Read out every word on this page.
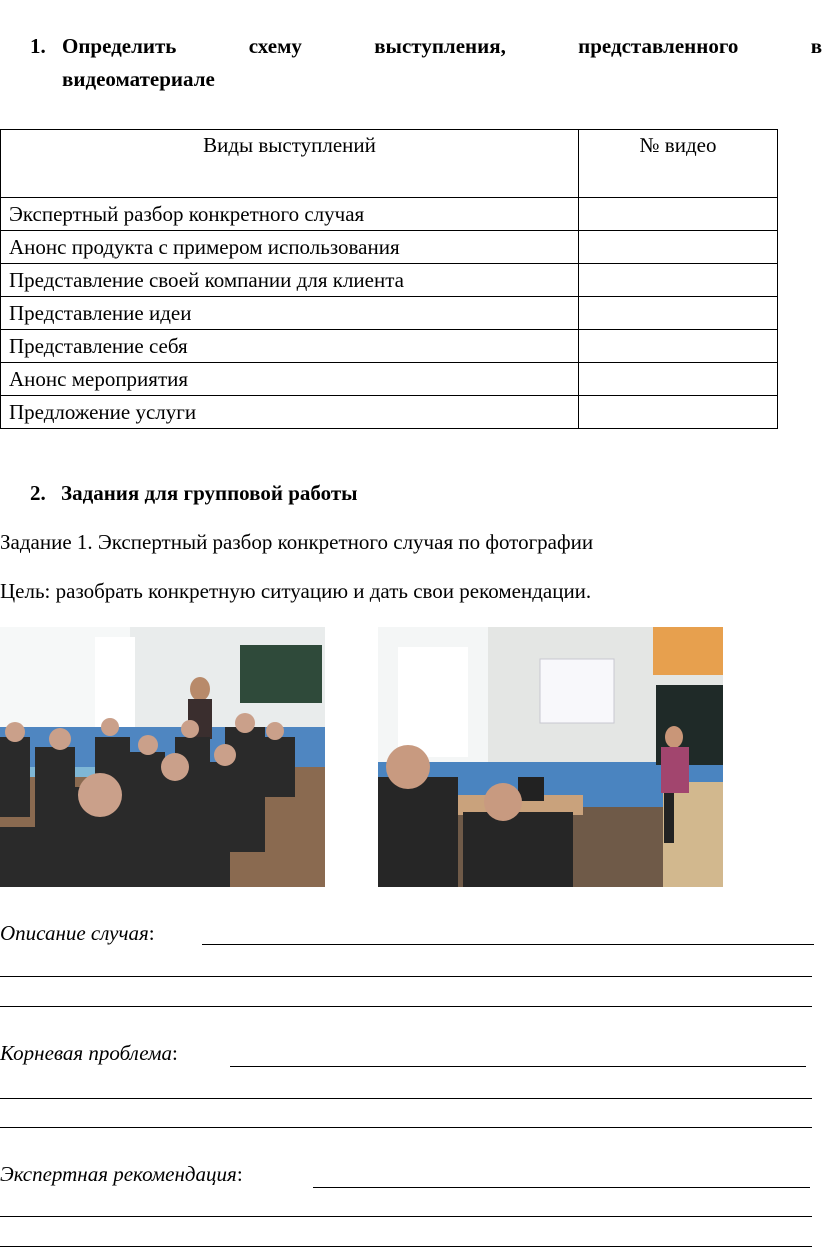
1. Определить	схему	выступления,	представленного	в
видеоматериале
Виды выступлений	№ видео
Экспертный разбор конкретного случая	
Анонс продукта с примером использования	
Представление своей компании для клиента	
Представление идеи	
Представление себя	
Анонс мероприятия	
Предложение услуги	
2. Задания для групповой работы
Задание 1. Экспертный разбор конкретного случая по фотографии
Цель: разобрать конкретную ситуацию и дать свои рекомендации.
Описание случая:
Корневая проблема:
Экспертная рекомендация:
